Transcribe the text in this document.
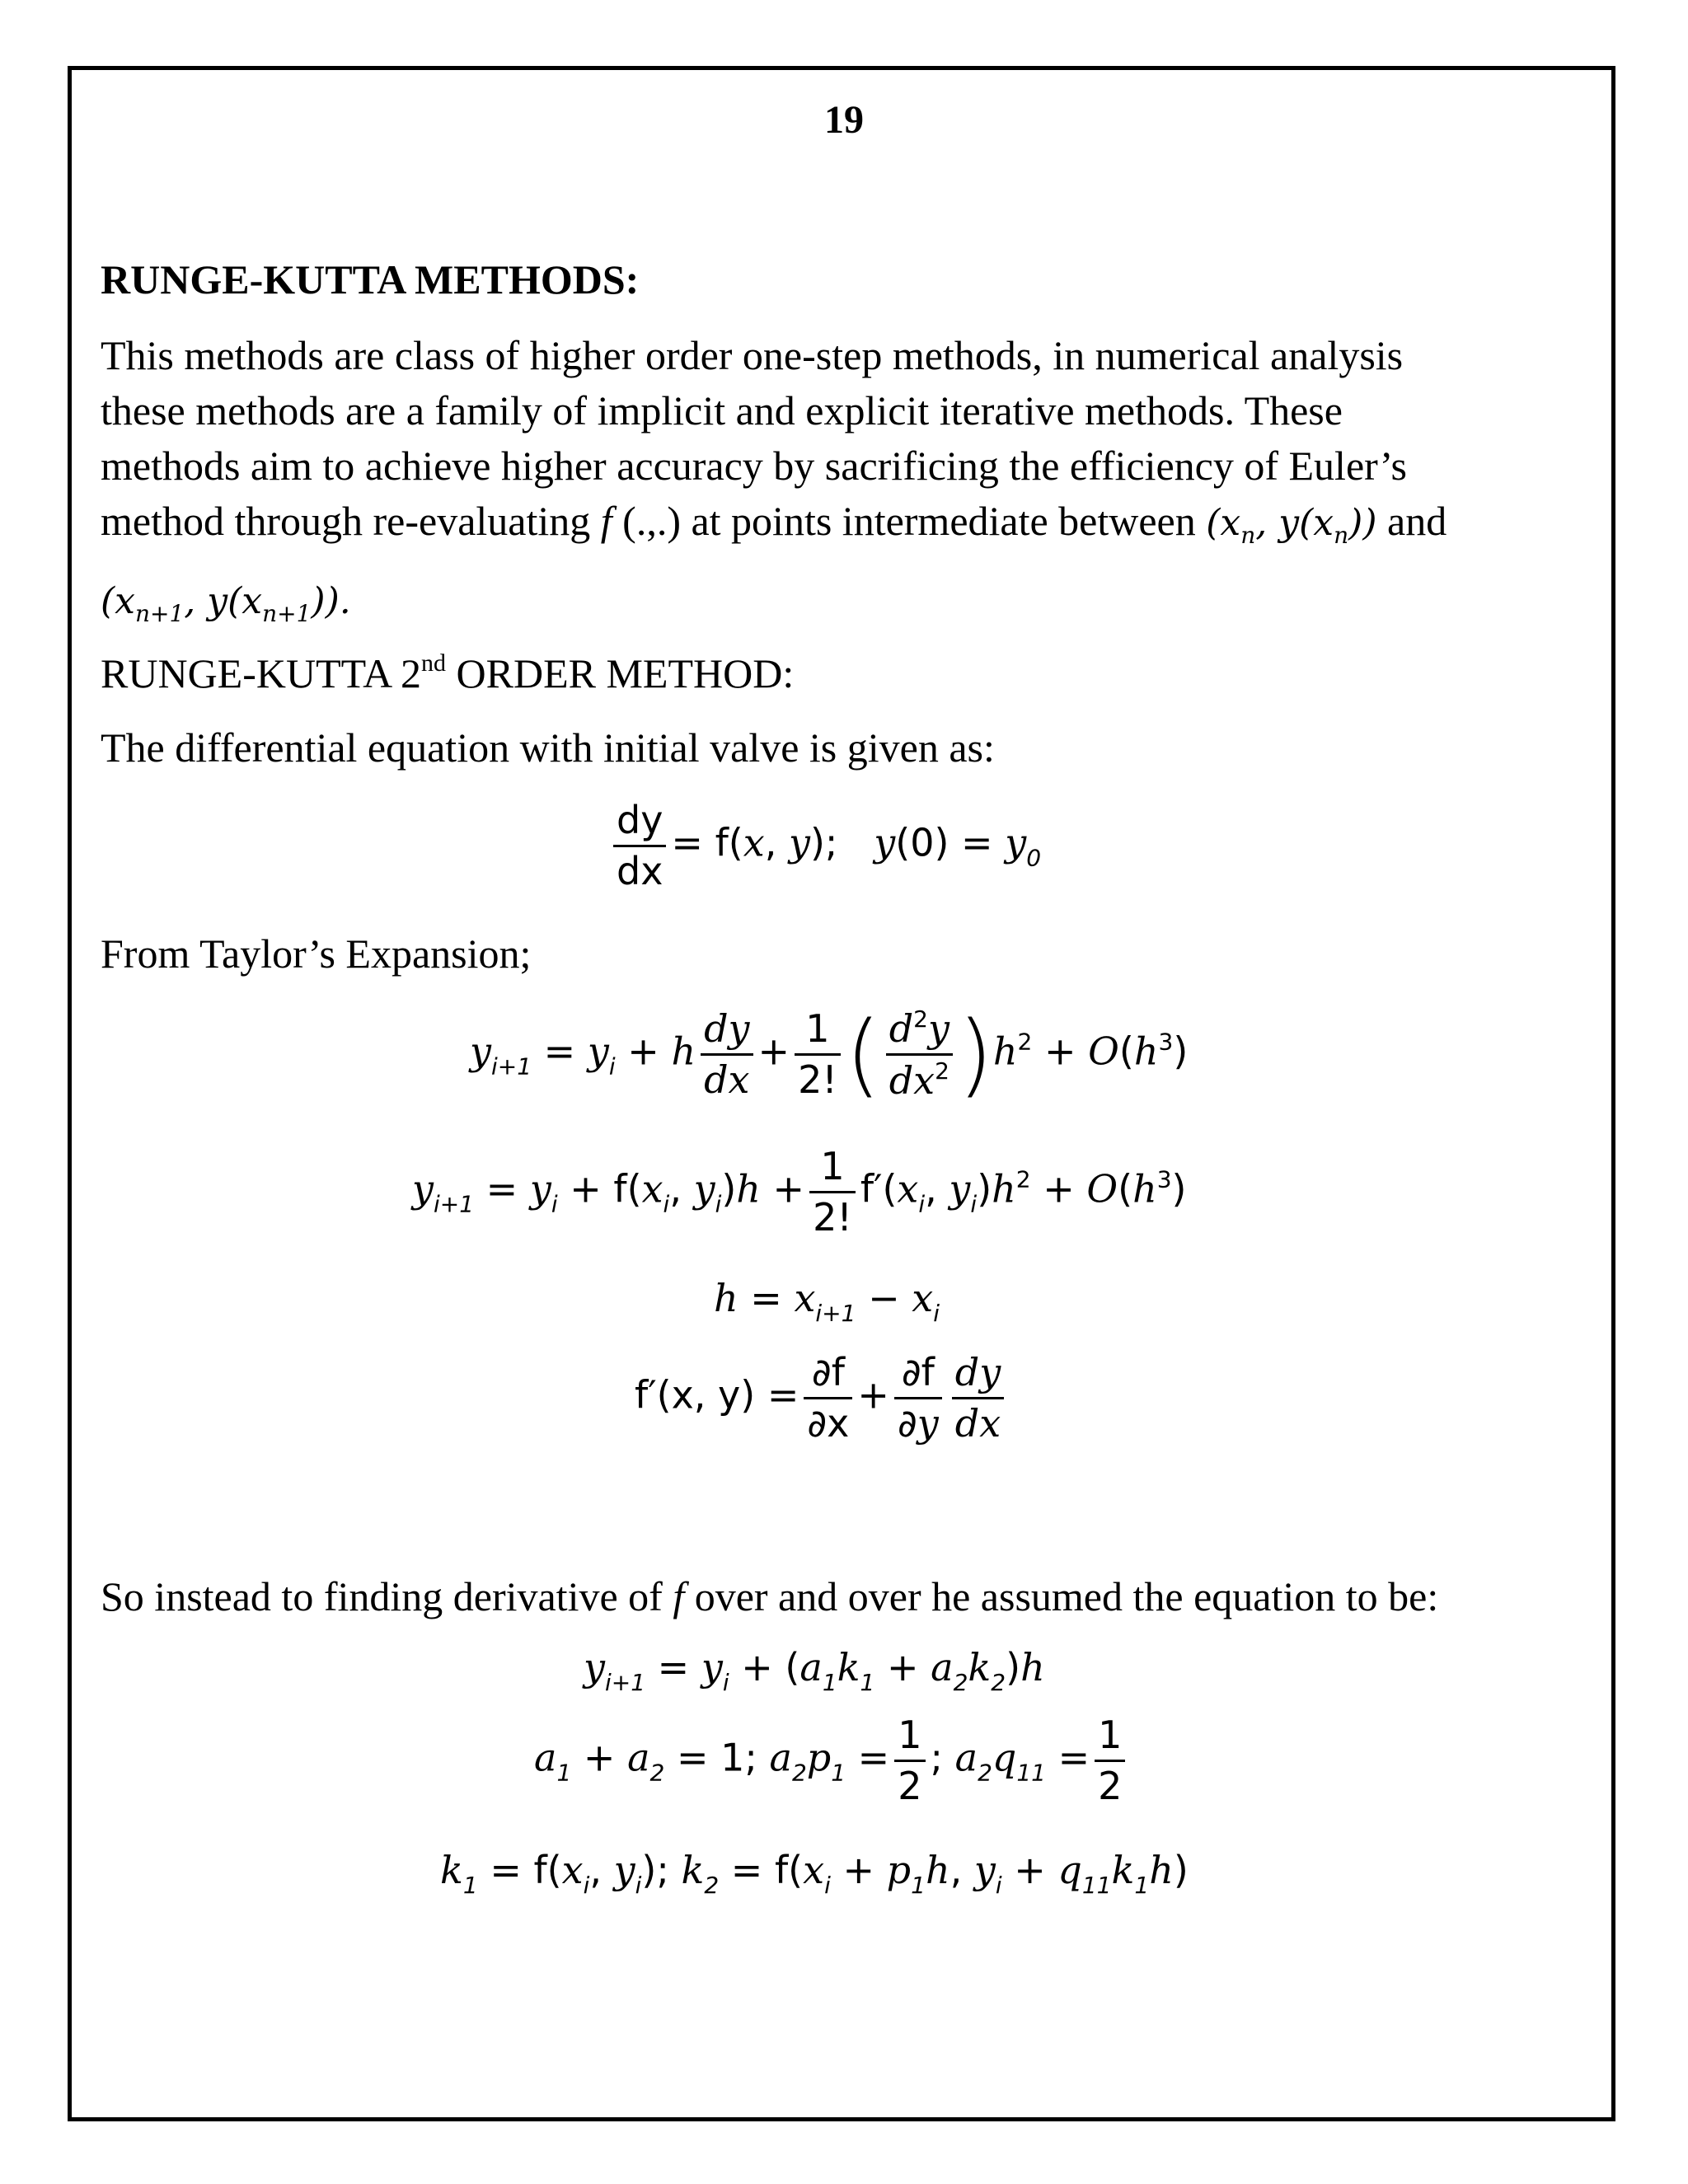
19
RUNGE-KUTTA METHODS:
This methods are class of higher order one-step methods, in numerical analysis
these methods are a family of implicit and explicit iterative methods. These
methods aim to achieve higher accuracy by sacrificing the efficiency of Euler’s
method through re-evaluating f (.,.) at points intermediate between ($x_n$, $y(x_n)$) and
($x_{n+1}$, $y(x_{n+1})$).
RUNGE-KUTTA 2nd ORDER METHOD:
The differential equation with initial valve is given as:
$\frac{dy}{dx} = f(x$, y);   $y(0) = y_0$
From Taylor’s Expansion;
$y_{i+1} = y_i + h \frac{dy}{dx} + \frac{1}{2!}$ ( $\frac{d^2y}{dx^2} )h^2 + O(h^3)$
$y_{i+1} = y_i + f(x_i$, $y_i)h + \frac{1}{2!} f'(x_i$, $y_i)h^2 + O(h^3)$
$h = x_{i+1} - x_i$
f′(x, $y) = \frac{\partial f}{\partial x} + \frac{\partial f}{\partial y} \frac{dy}{dx}$
So instead to finding derivative of f over and over he assumed the equation to be:
$y_{i+1} = y_i + (a_1k_1 + a_2k_2)h$
$a_1 + a_2 = 1$; $a_2p_1 = \frac{1}{2}$ ; $a_2q_{11} = \frac{1}{2}$
$k_1 = f(x_i$, $y_i$); $k_2 = f(x_i + p_1h$, $y_i + q_{11}k_1h$)
